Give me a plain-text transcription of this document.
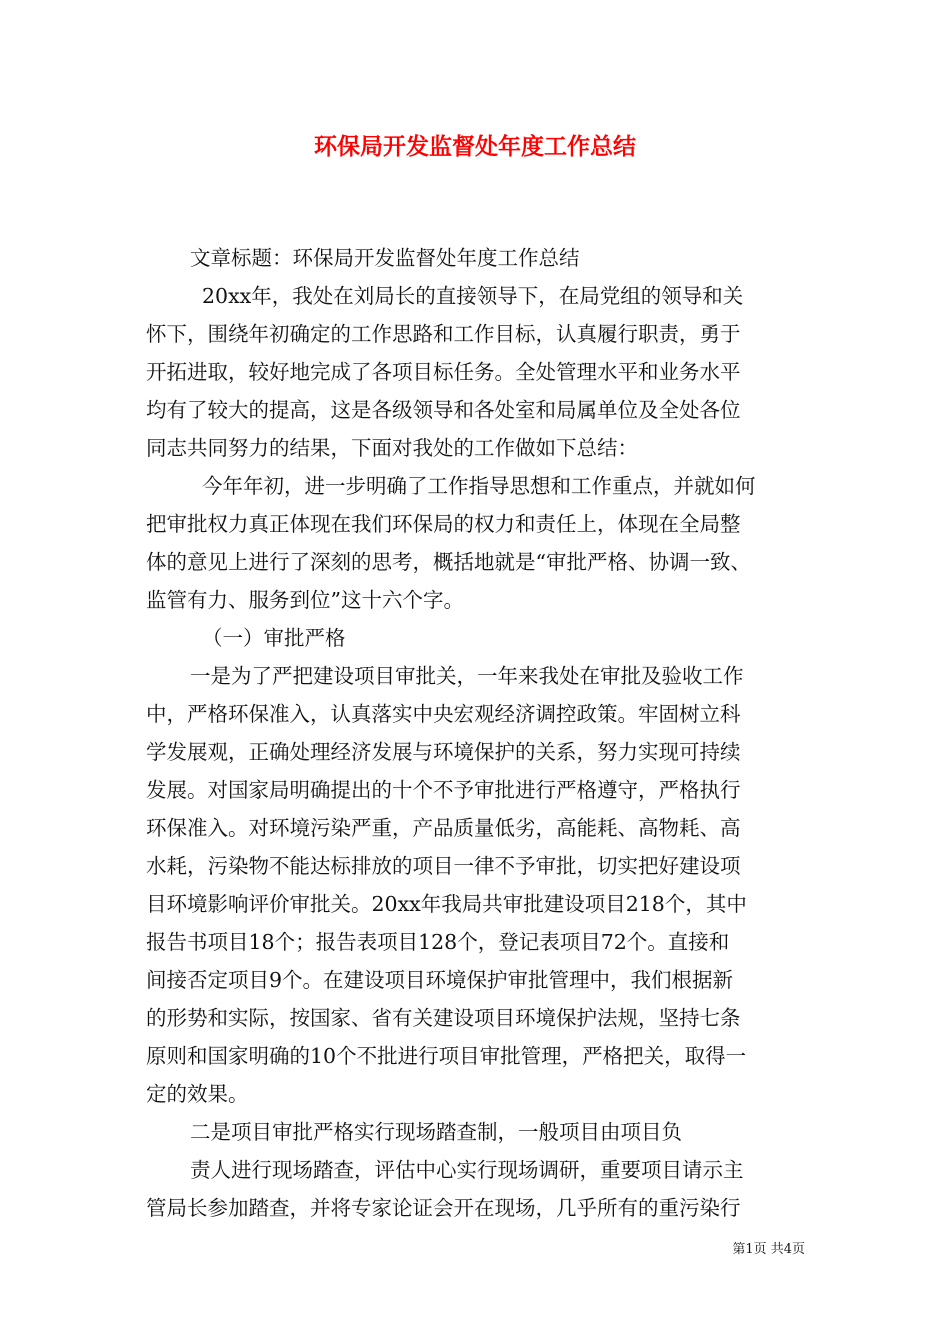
环保局开发监督处年度工作总结
文章标题：环保局开发监督处年度工作总结
20xx年，我处在刘局长的直接领导下，在局党组的领导和关
怀下，围绕年初确定的工作思路和工作目标，认真履行职责，勇于
开拓进取，较好地完成了各项目标任务。全处管理水平和业务水平
均有了较大的提高，这是各级领导和各处室和局属单位及全处各位
同志共同努力的结果，下面对我处的工作做如下总结：
今年年初，进一步明确了工作指导思想和工作重点，并就如何
把审批权力真正体现在我们环保局的权力和责任上，体现在全局整
体的意见上进行了深刻的思考，概括地就是“审批严格、协调一致、
监管有力、服务到位”这十六个字。
（一）审批严格
一是为了严把建设项目审批关，一年来我处在审批及验收工作
中，严格环保准入，认真落实中央宏观经济调控政策。牢固树立科
学发展观，正确处理经济发展与环境保护的关系，努力实现可持续
发展。对国家局明确提出的十个不予审批进行严格遵守，严格执行
环保准入。对环境污染严重，产品质量低劣，高能耗、高物耗、高
水耗，污染物不能达标排放的项目一律不予审批，切实把好建设项
目环境影响评价审批关。20xx年我局共审批建设项目218个，其中
报告书项目18个；报告表项目128个，登记表项目72个。直接和
间接否定项目9个。在建设项目环境保护审批管理中，我们根据新
的形势和实际，按国家、省有关建设项目环境保护法规，坚持七条
原则和国家明确的10个不批进行项目审批管理，严格把关，取得一
定的效果。
二是项目审批严格实行现场踏查制，一般项目由项目负
责人进行现场踏查，评估中心实行现场调研，重要项目请示主
管局长参加踏查，并将专家论证会开在现场，几乎所有的重污染行
第1页 共4页
